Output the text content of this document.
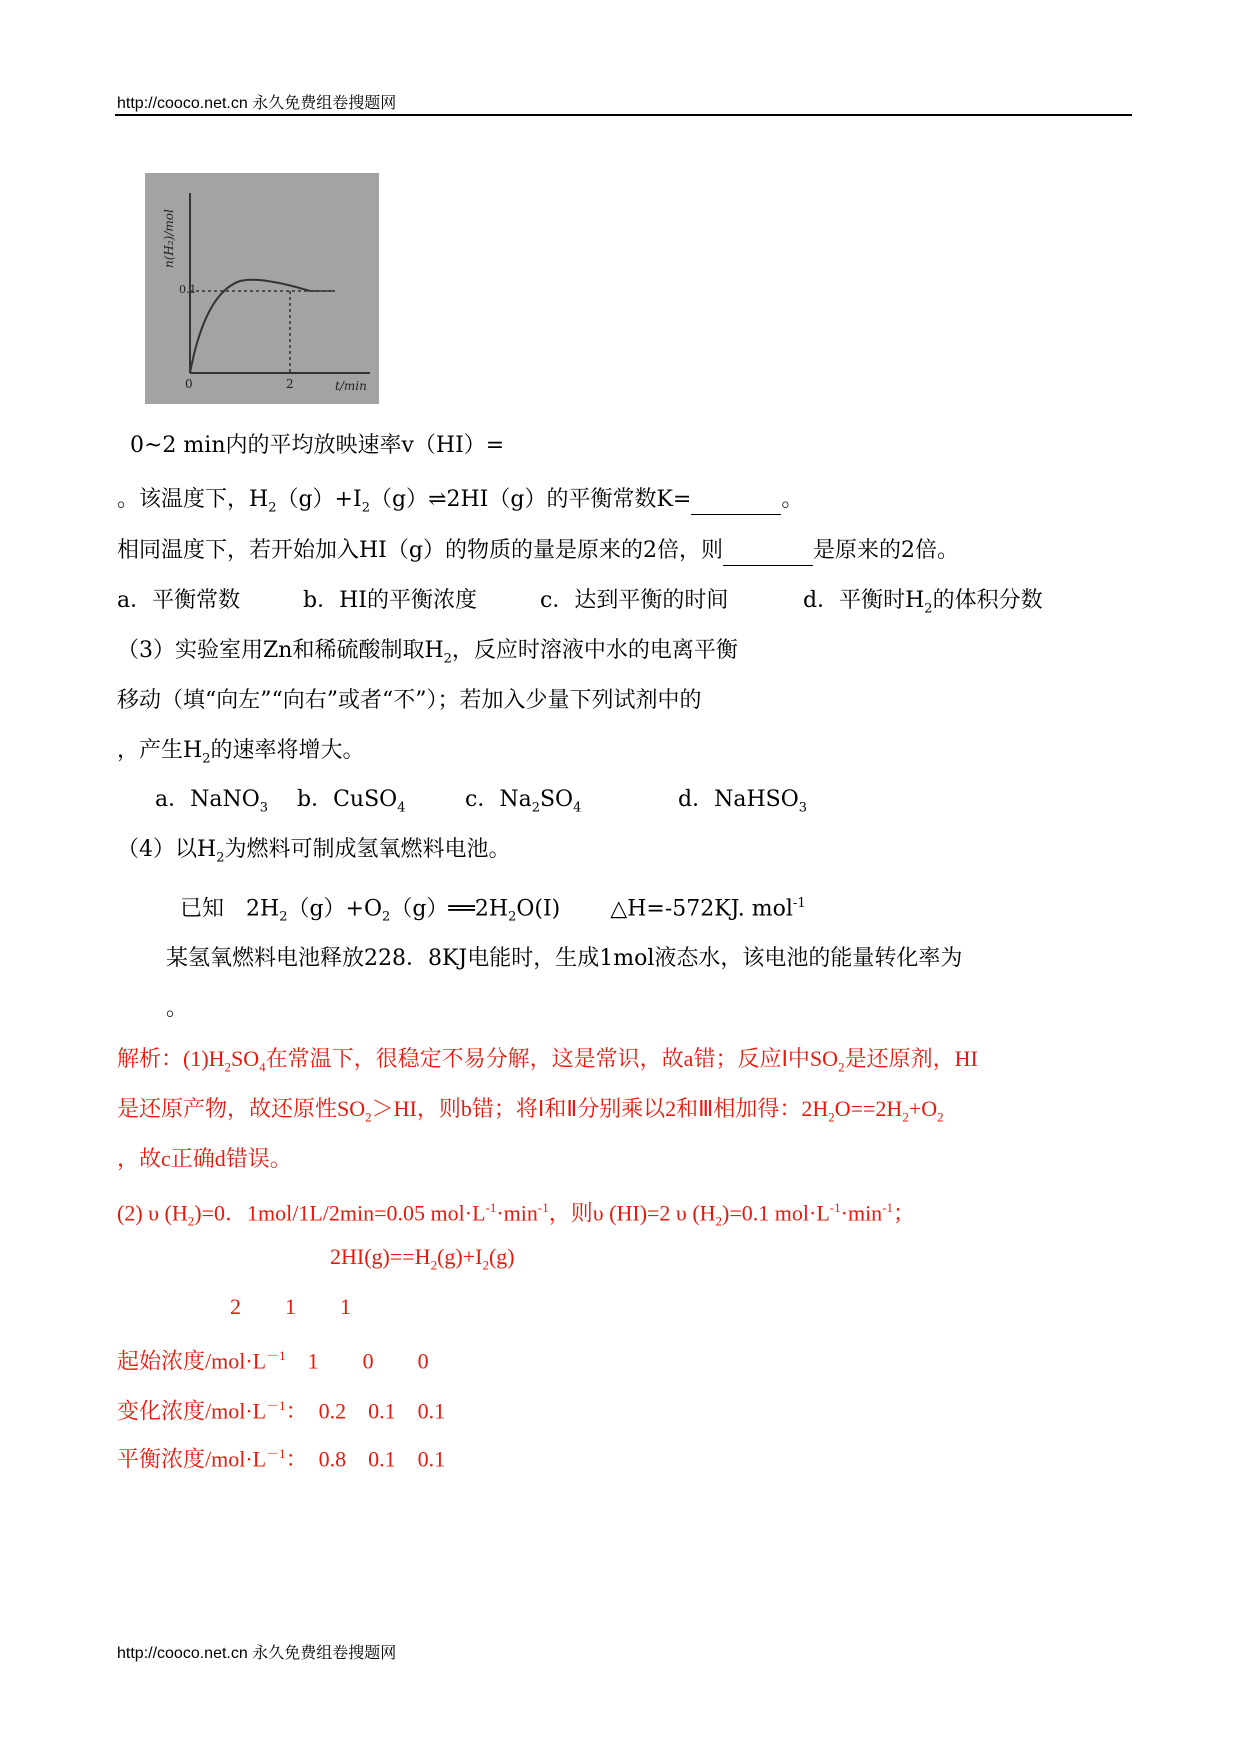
http://cooco.net.cn 永久免费组卷搜题网
0.1
0	2	t/min
n(H₂)/mol
0~2 min内的平均放映速率v（HI）=
。该温度下，$H_2(g)+I_2(g)\rightleftharpoons 2HI(g)$的平衡常数K=	。
相同温度下，若开始加入HI（g）的物质的量是原来的2倍，则	是原来的2倍。
a．平衡常数	b．HI的平衡浓度	c．达到平衡的时间	d．平衡时$H_2$的体积分数
（3）实验室用Zn和稀硫酸制取$H_2$，反应时溶液中水的电离平衡
移动（填“向左”“向右”或者“不”）；若加入少量下列试剂中的
，产生$H_2$的速率将增大。
a．NaNO$_3$ b．CuSO$_4$	c．$Na_2SO_4$	d．NaHSO$_3$
（4）以$H_2$为燃料可制成氢氧燃料电池。
已知　$2H_2(g)+O_2(g)══2H_2O(I)$ △H=-572KJ. mol$^{-1}$
某氢氧燃料电池释放228．8KJ电能时，生成1mol液态水，该电池的能量转化率为
。
解析：$(1)H_2SO_4$在常温下，很稳定不易分解，这是常识，故a错；反应Ⅰ中$SO_2$是还原剂，HI
是还原产物，故还原性$SO_2>HI$，则b错；将Ⅰ和Ⅱ分别乘以2和Ⅲ相加得：$2H_2O==2H_2+O_2$
，故c正确d错误。
(2) υ $(H_2)=0$．1mol/1L/2min=0.05 $mol\cdot L^{-1}\cdot\min^{-1}$，则υ (HI)=2 υ $(H_2)=0.1$ $mol\cdot L^{-1}\cdot\min^{-1}$；
$2HI(g)==H_2(g)+I_2(g)$
2　　1　　1
起始浓度$/mol\cdot L^{-1}$　1　　0　　0
变化浓度$/mol\cdot L^{-1}$：　0.2　0.1　0.1
平衡浓度$/mol\cdot L^{-1}$：　0.8　0.1　0.1
http://cooco.net.cn 永久免费组卷搜题网
